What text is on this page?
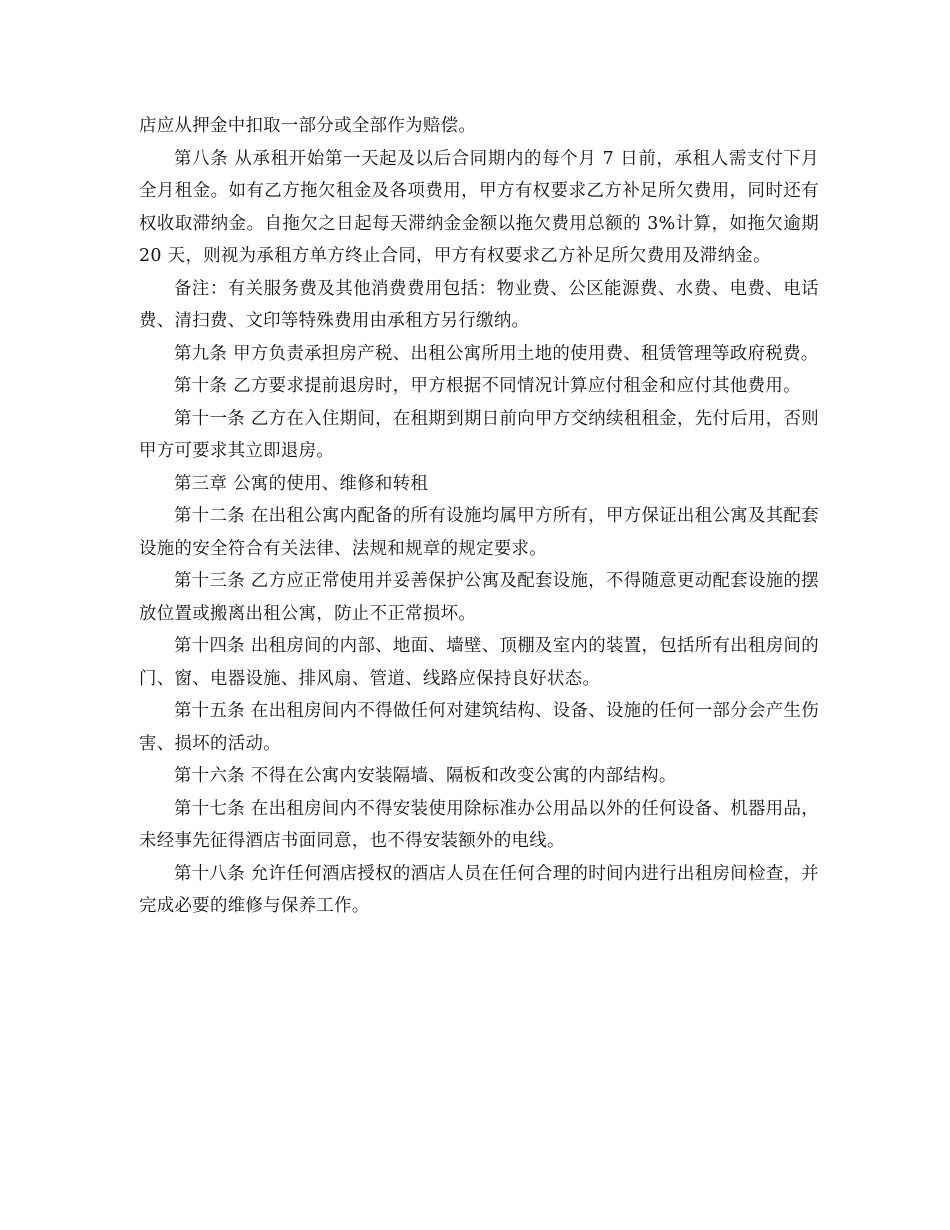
店应从押金中扣取一部分或全部作为赔偿。

第八条 从承租开始第一天起及以后合同期内的每个月 7 日前，承租人需支付下月全月租金。如有乙方拖欠租金及各项费用，甲方有权要求乙方补足所欠费用，同时还有权收取滞纳金。自拖欠之日起每天滞纳金金额以拖欠费用总额的 3%计算，如拖欠逾期 20 天，则视为承租方单方终止合同，甲方有权要求乙方补足所欠费用及滞纳金。

备注：有关服务费及其他消费费用包括：物业费、公区能源费、水费、电费、电话费、清扫费、文印等特殊费用由承租方另行缴纳。

第九条 甲方负责承担房产税、出租公寓所用土地的使用费、租赁管理等政府税费。

第十条 乙方要求提前退房时，甲方根据不同情况计算应付租金和应付其他费用。

第十一条 乙方在入住期间，在租期到期日前向甲方交纳续租租金，先付后用，否则甲方可要求其立即退房。

第三章 公寓的使用、维修和转租

第十二条 在出租公寓内配备的所有设施均属甲方所有，甲方保证出租公寓及其配套设施的安全符合有关法律、法规和规章的规定要求。

第十三条 乙方应正常使用并妥善保护公寓及配套设施，不得随意更动配套设施的摆放位置或搬离出租公寓，防止不正常损坏。

第十四条 出租房间的内部、地面、墙壁、顶棚及室内的装置，包括所有出租房间的门、窗、电器设施、排风扇、管道、线路应保持良好状态。

第十五条 在出租房间内不得做任何对建筑结构、设备、设施的任何一部分会产生伤害、损坏的活动。

第十六条 不得在公寓内安装隔墙、隔板和改变公寓的内部结构。

第十七条 在出租房间内不得安装使用除标准办公用品以外的任何设备、机器用品，未经事先征得酒店书面同意，也不得安装额外的电线。

第十八条 允许任何酒店授权的酒店人员在任何合理的时间内进行出租房间检查，并完成必要的维修与保养工作。
